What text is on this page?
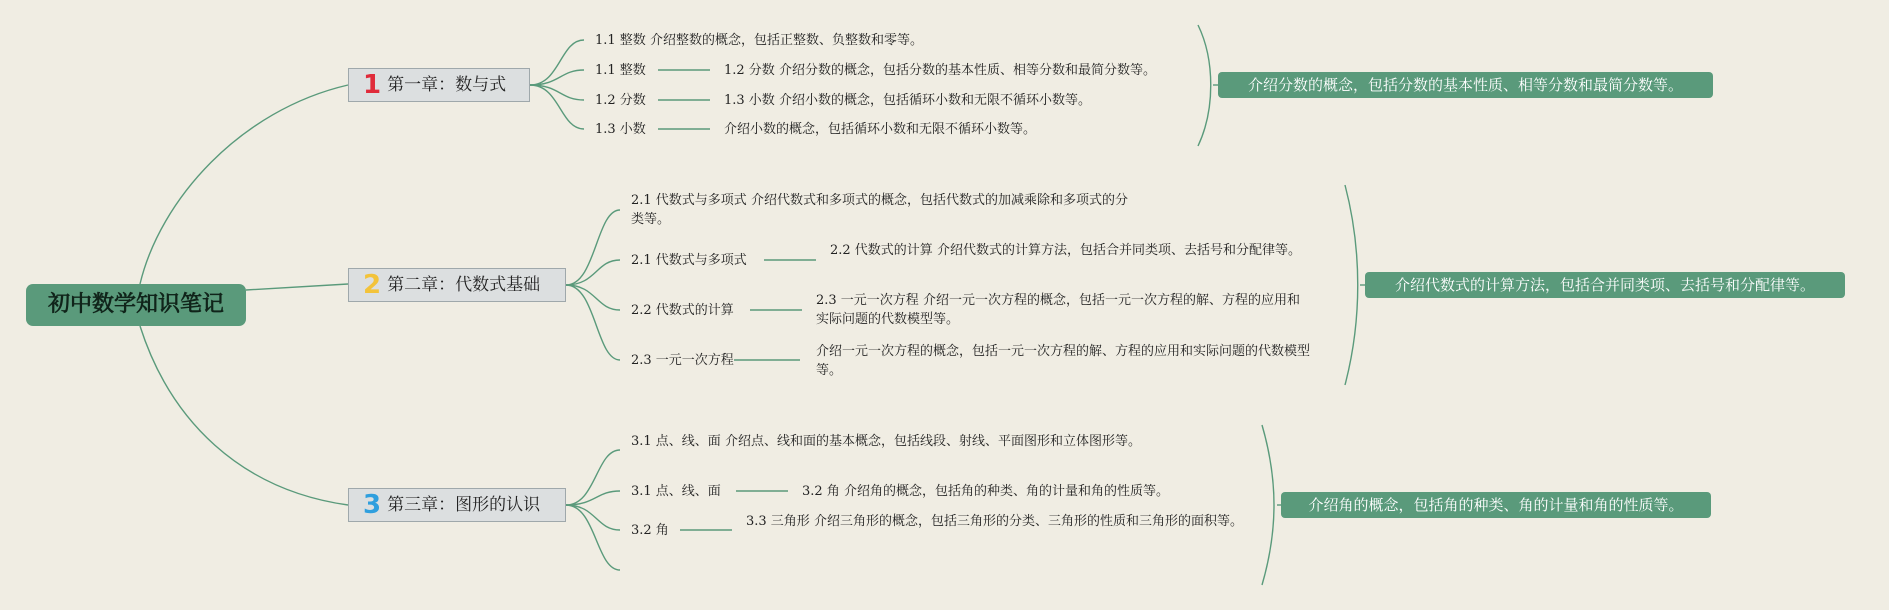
初中数学知识笔记
1 第一章：数与式
1.1 整数 介绍整数的概念，包括正整数、负整数和零等。
1.1 整数
1.2 分数
1.3 小数
1.2 分数 介绍分数的概念，包括分数的基本性质、相等分数和最简分数等。
1.3 小数 介绍小数的概念，包括循环小数和无限不循环小数等。
介绍小数的概念，包括循环小数和无限不循环小数等。
介绍分数的概念，包括分数的基本性质、相等分数和最简分数等。
2 第二章：代数式基础
2.1 代数式与多项式 介绍代数式和多项式的概念，包括代数式的加减乘除和多项式的分类等。
2.1 代数式与多项式
2.2 代数式的计算
2.3 一元一次方程
2.2 代数式的计算 介绍代数式的计算方法，包括合并同类项、去括号和分配律等。
2.3 一元一次方程 介绍一元一次方程的概念，包括一元一次方程的解、方程的应用和实际问题的代数模型等。
介绍一元一次方程的概念，包括一元一次方程的解、方程的应用和实际问题的代数模型等。
介绍代数式的计算方法，包括合并同类项、去括号和分配律等。
3 第三章：图形的认识
3.1 点、线、面 介绍点、线和面的基本概念，包括线段、射线、平面图形和立体图形等。
3.1 点、线、面
3.2 角
3.2 角 介绍角的概念，包括角的种类、角的计量和角的性质等。
3.3 三角形 介绍三角形的概念，包括三角形的分类、三角形的性质和三角形的面积等。
介绍角的概念，包括角的种类、角的计量和角的性质等。
